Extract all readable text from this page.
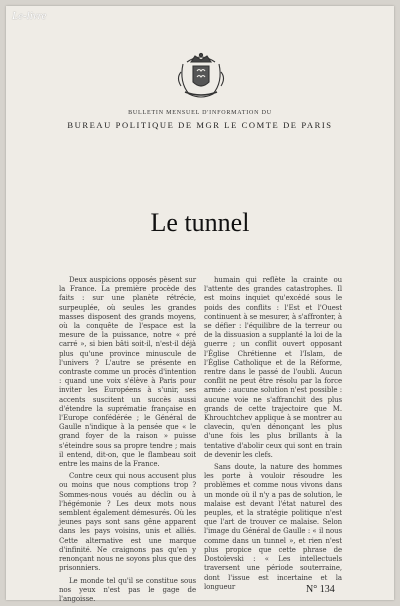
Le-livre
BULLETIN MENSUEL D'INFORMATION DU
BUREAU POLITIQUE DE MGR LE COMTE DE PARIS
Le tunnel

Deux auspicions opposés pèsent sur la France. La première procède des faits : sur une planète rétrécie, surpeuplée, où seules les grandes masses disposent des grands moyens, où la conquête de l'espace est la mesure de la puissance, notre « pré carré », si bien bâti soit-il, n'est-il déjà plus qu'une province minuscule de l'univers ? L'autre se présente en contraste comme un procès d'intention : quand une voix s'élève à Paris pour inviter les Européens à s'unir, ses accents suscitent un succès aussi d'étendre la suprématie française en l'Europe confédérée ; le Général de Gaulle n'indique à la pensée que « le grand foyer de la raison » puisse s'éteindre sous sa propre tendre ; mais il entend, dit-on, que le flambeau soit entre les mains de la France.

Contre ceux qui nous accusent plus ou moins que nous comptions trop ? Sommes-nous voués au déclin ou à l'hégémonie ? Les deux mots nous semblent également démesurés. Où les jeunes pays sont sans gêne apparent dans les pays voisins, unis et alliés. Cette alternative est une marque d'infinité. Ne craignons pas qu'en y renonçant nous ne soyons plus que des prisonniers.

Le monde tel qu'il se constitue sous nos yeux n'est pas le gage de l'angoisse.

humain qui reflète la crainte ou l'attente des grandes catastrophes. Il est moins inquiet qu'excédé sous le poids des conflits : l'Est et l'Ouest continuent à se mesurer, à s'affronter, à se défier : l'équilibre de la terreur ou de la dissuasion a supplanté la loi de la guerre ; un conflit ouvert opposant l'Église Chrétienne et l'Islam, de l'Église Catholique et de la Réforme, rentre dans le passé de l'oubli. Aucun conflit ne peut être résolu par la force armée : aucune solution n'est possible : aucune voie ne s'affranchit des plus grands de cette trajectoire que M. Khrouchtchev applique à se montrer au clavecin, qu'en dénonçant les plus d'une fois les plus brillants à la tentative d'abolir ceux qui sont en train de devenir les clefs.

Sans doute, la nature des hommes les porte à vouloir résoudre les problèmes et comme nous vivons dans un monde où il n'y a pas de solution, le malaise est devant l'état naturel des peuples, et la stratégie politique n'est que l'art de trouver ce malaise. Selon l'image du Général de Gaulle : « il nous comme dans un tunnel », et rien n'est plus propice que cette phrase de Dostoïevski : « Les intellectuels traversent une période souterraine, dont l'issue est incertaine et la longueur	N° 134
